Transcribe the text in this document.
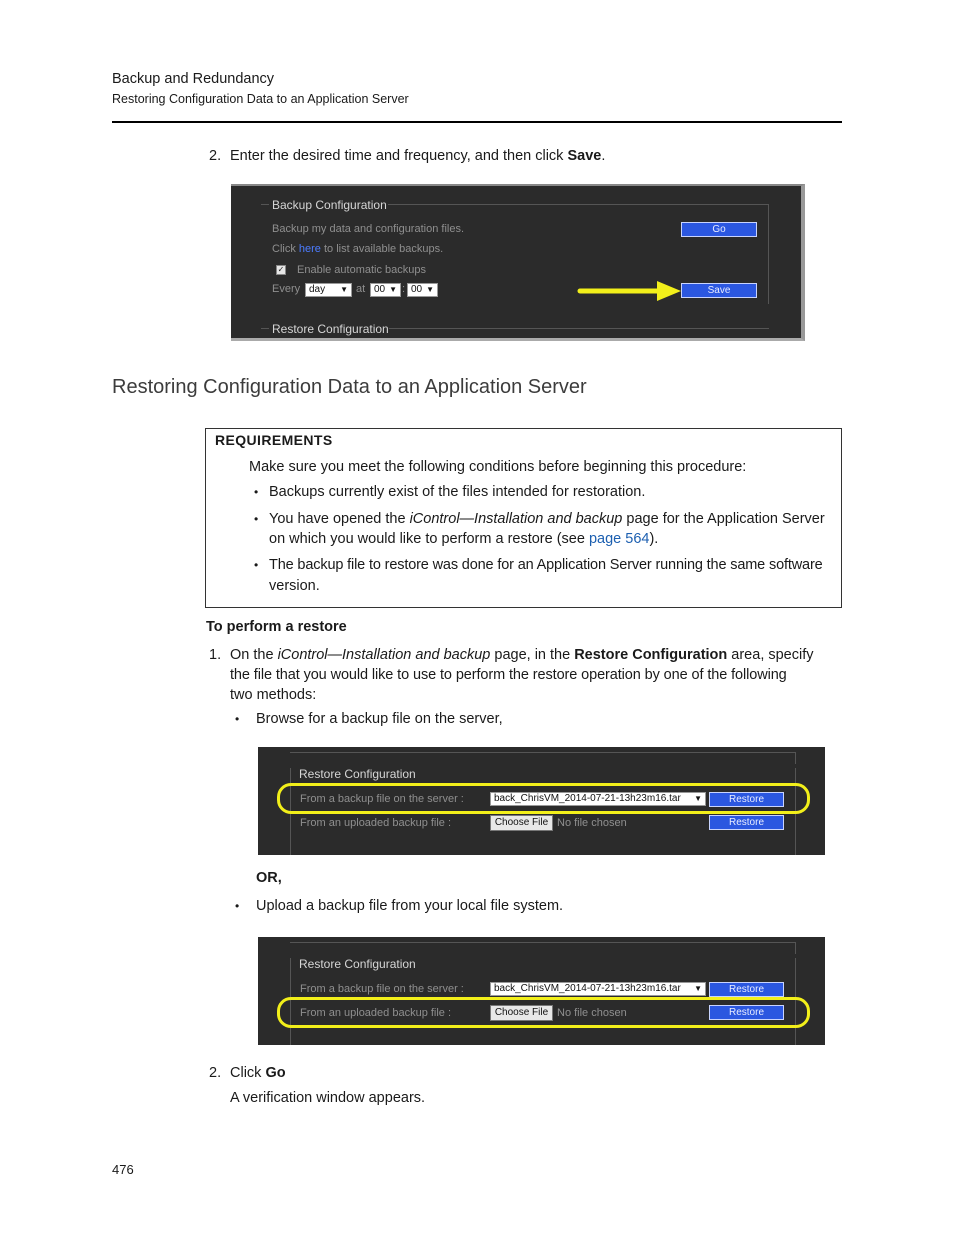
Backup and Redundancy
Restoring Configuration Data to an Application Server
2. Enter the desired time and frequency, and then click Save.
Backup Configuration
Backup my data and configuration files.	Go
Click here to list available backups.
✓ Enable automatic backups
Every day ▼ at 00 ▼ : 00 ▼	Save
Restore Configuration
Restoring Configuration Data to an Application Server
REQUIREMENTS
Make sure you meet the following conditions before beginning this procedure:
• Backups currently exist of the files intended for restoration.
• You have opened the iControl—Installation and backup page for the Application Server
on which you would like to perform a restore (see page 564).
• The backup file to restore was done for an Application Server running the same software
version.
To perform a restore
1. On the iControl—Installation and backup page, in the Restore Configuration area, specify
the file that you would like to use to perform the restore operation by one of the following
two methods:
• Browse for a backup file on the server,
Restore Configuration
From a backup file on the server :	back_ChrisVM_2014-07-21-13h23m16.tar ▼	Restore
From an uploaded backup file :	Choose File No file chosen	Restore
OR,
• Upload a backup file from your local file system.
Restore Configuration
From a backup file on the server :	back_ChrisVM_2014-07-21-13h23m16.tar ▼	Restore
From an uploaded backup file :	Choose File No file chosen	Restore
2. Click Go
A verification window appears.
476
